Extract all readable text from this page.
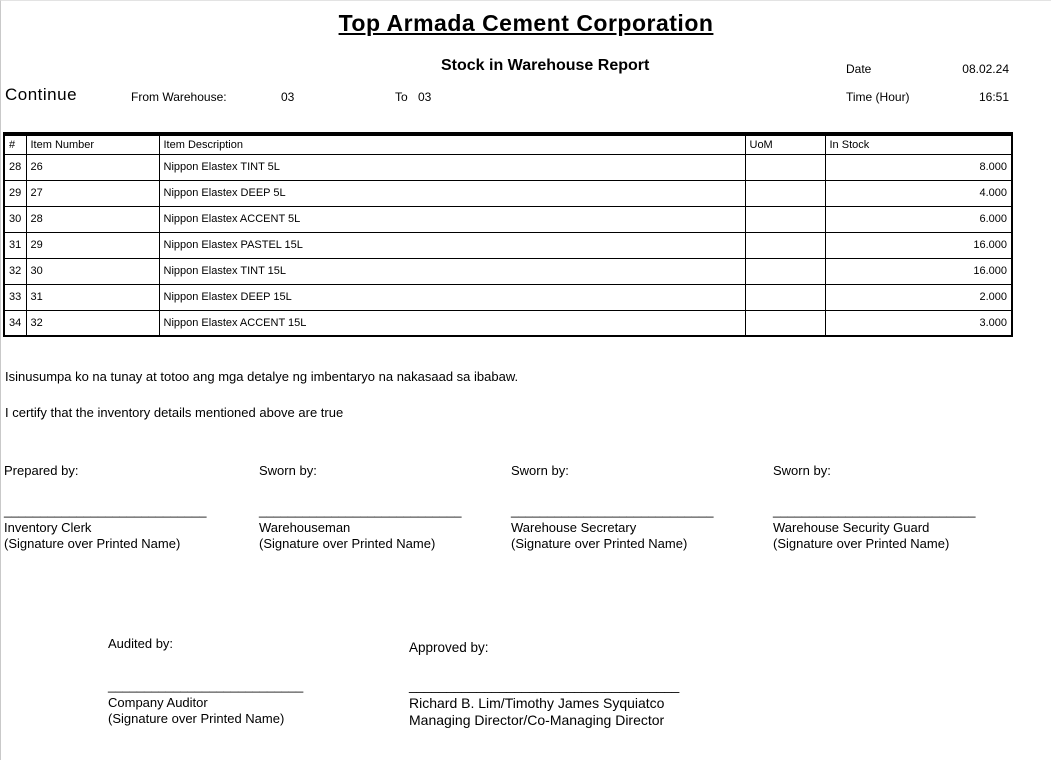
Top Armada Cement Corporation
Stock in Warehouse Report	Date	08.02.24
Continue	From Warehouse:	03	To 03	Time (Hour)	16:51
#	Item Number	Item Description	UoM	In Stock
28	26	Nippon Elastex TINT 5L		8.000
29	27	Nippon Elastex DEEP 5L		4.000
30	28	Nippon Elastex ACCENT 5L		6.000
31	29	Nippon Elastex PASTEL 15L		16.000
32	30	Nippon Elastex TINT 15L		16.000
33	31	Nippon Elastex DEEP 15L		2.000
34	32	Nippon Elastex ACCENT 15L		3.000
Isinusumpa ko na tunay at totoo ang mga detalye ng imbentaryo na nakasaad sa ibabaw.
I certify that the inventory details mentioned above are true
Prepared by:
____________________________
Inventory Clerk
(Signature over Printed Name)
Sworn by:
____________________________
Warehouseman
(Signature over Printed Name)
Sworn by:
____________________________
Warehouse Secretary
(Signature over Printed Name)
Sworn by:
____________________________
Warehouse Security Guard
(Signature over Printed Name)
Audited by:
___________________________
Company Auditor
(Signature over Printed Name)
Approved by:
____________________________________
Richard B. Lim/Timothy James Syquiatco
Managing Director/Co-Managing Director
